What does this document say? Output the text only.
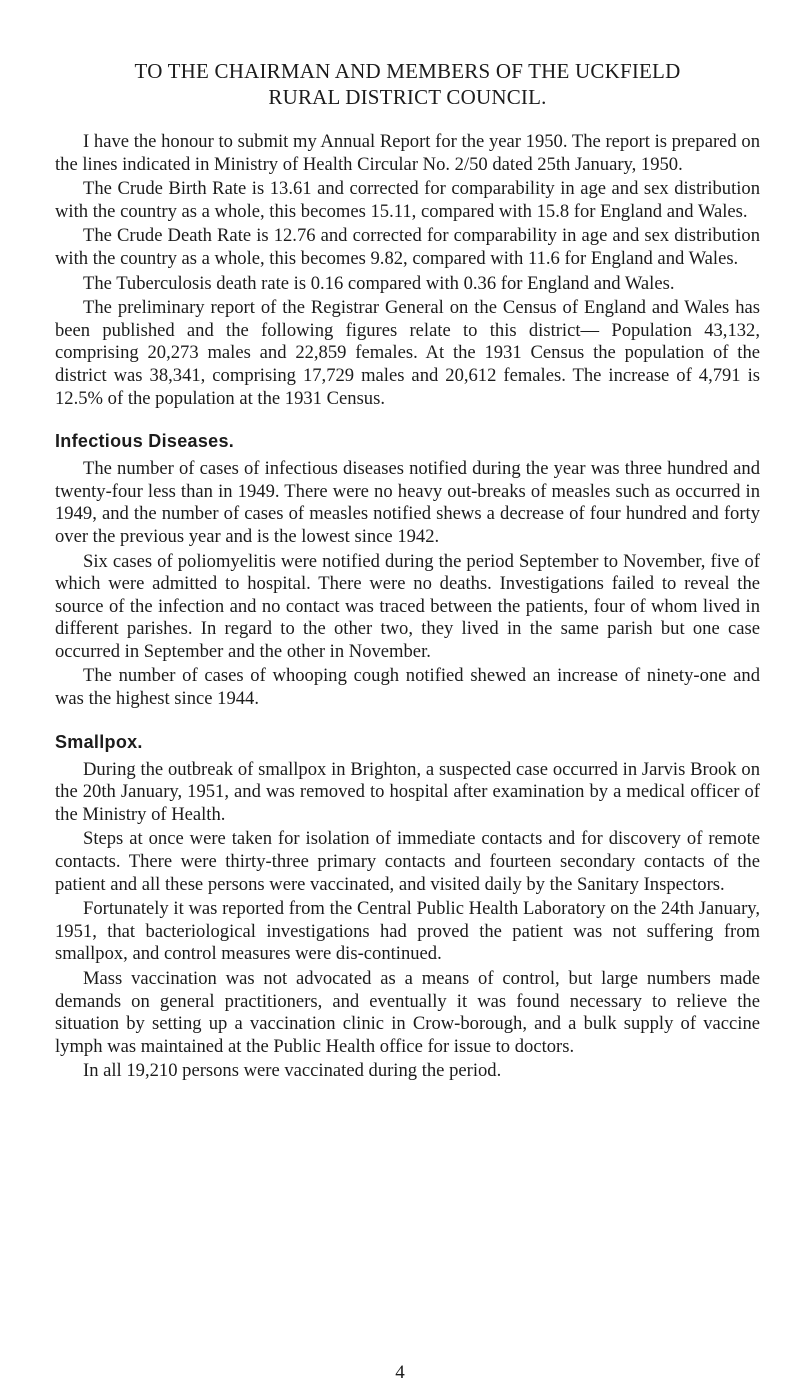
TO THE CHAIRMAN AND MEMBERS OF THE UCKFIELD
RURAL DISTRICT COUNCIL.

I have the honour to submit my Annual Report for the year 1950. The report is prepared on the lines indicated in Ministry of Health Circular No. 2/50 dated 25th January, 1950.

The Crude Birth Rate is 13.61 and corrected for comparability in age and sex distribution with the country as a whole, this becomes 15.11, compared with 15.8 for England and Wales.

The Crude Death Rate is 12.76 and corrected for comparability in age and sex distribution with the country as a whole, this becomes 9.82, compared with 11.6 for England and Wales.

The Tuberculosis death rate is 0.16 compared with 0.36 for England and Wales.

The preliminary report of the Registrar General on the Census of England and Wales has been published and the following figures relate to this district— Population 43,132, comprising 20,273 males and 22,859 females. At the 1931 Census the population of the district was 38,341, comprising 17,729 males and 20,612 females. The increase of 4,791 is 12.5% of the population at the 1931 Census.

Infectious Diseases.

The number of cases of infectious diseases notified during the year was three hundred and twenty-four less than in 1949. There were no heavy out-breaks of measles such as occurred in 1949, and the number of cases of measles notified shews a decrease of four hundred and forty over the previous year and is the lowest since 1942.

Six cases of poliomyelitis were notified during the period September to November, five of which were admitted to hospital. There were no deaths. Investigations failed to reveal the source of the infection and no contact was traced between the patients, four of whom lived in different parishes. In regard to the other two, they lived in the same parish but one case occurred in September and the other in November.

The number of cases of whooping cough notified shewed an increase of ninety-one and was the highest since 1944.

Smallpox.

During the outbreak of smallpox in Brighton, a suspected case occurred in Jarvis Brook on the 20th January, 1951, and was removed to hospital after examination by a medical officer of the Ministry of Health.

Steps at once were taken for isolation of immediate contacts and for discovery of remote contacts. There were thirty-three primary contacts and fourteen secondary contacts of the patient and all these persons were vaccinated, and visited daily by the Sanitary Inspectors.

Fortunately it was reported from the Central Public Health Laboratory on the 24th January, 1951, that bacteriological investigations had proved the patient was not suffering from smallpox, and control measures were dis-continued.

Mass vaccination was not advocated as a means of control, but large numbers made demands on general practitioners, and eventually it was found necessary to relieve the situation by setting up a vaccination clinic in Crow-borough, and a bulk supply of vaccine lymph was maintained at the Public Health office for issue to doctors.

In all 19,210 persons were vaccinated during the period.

4
